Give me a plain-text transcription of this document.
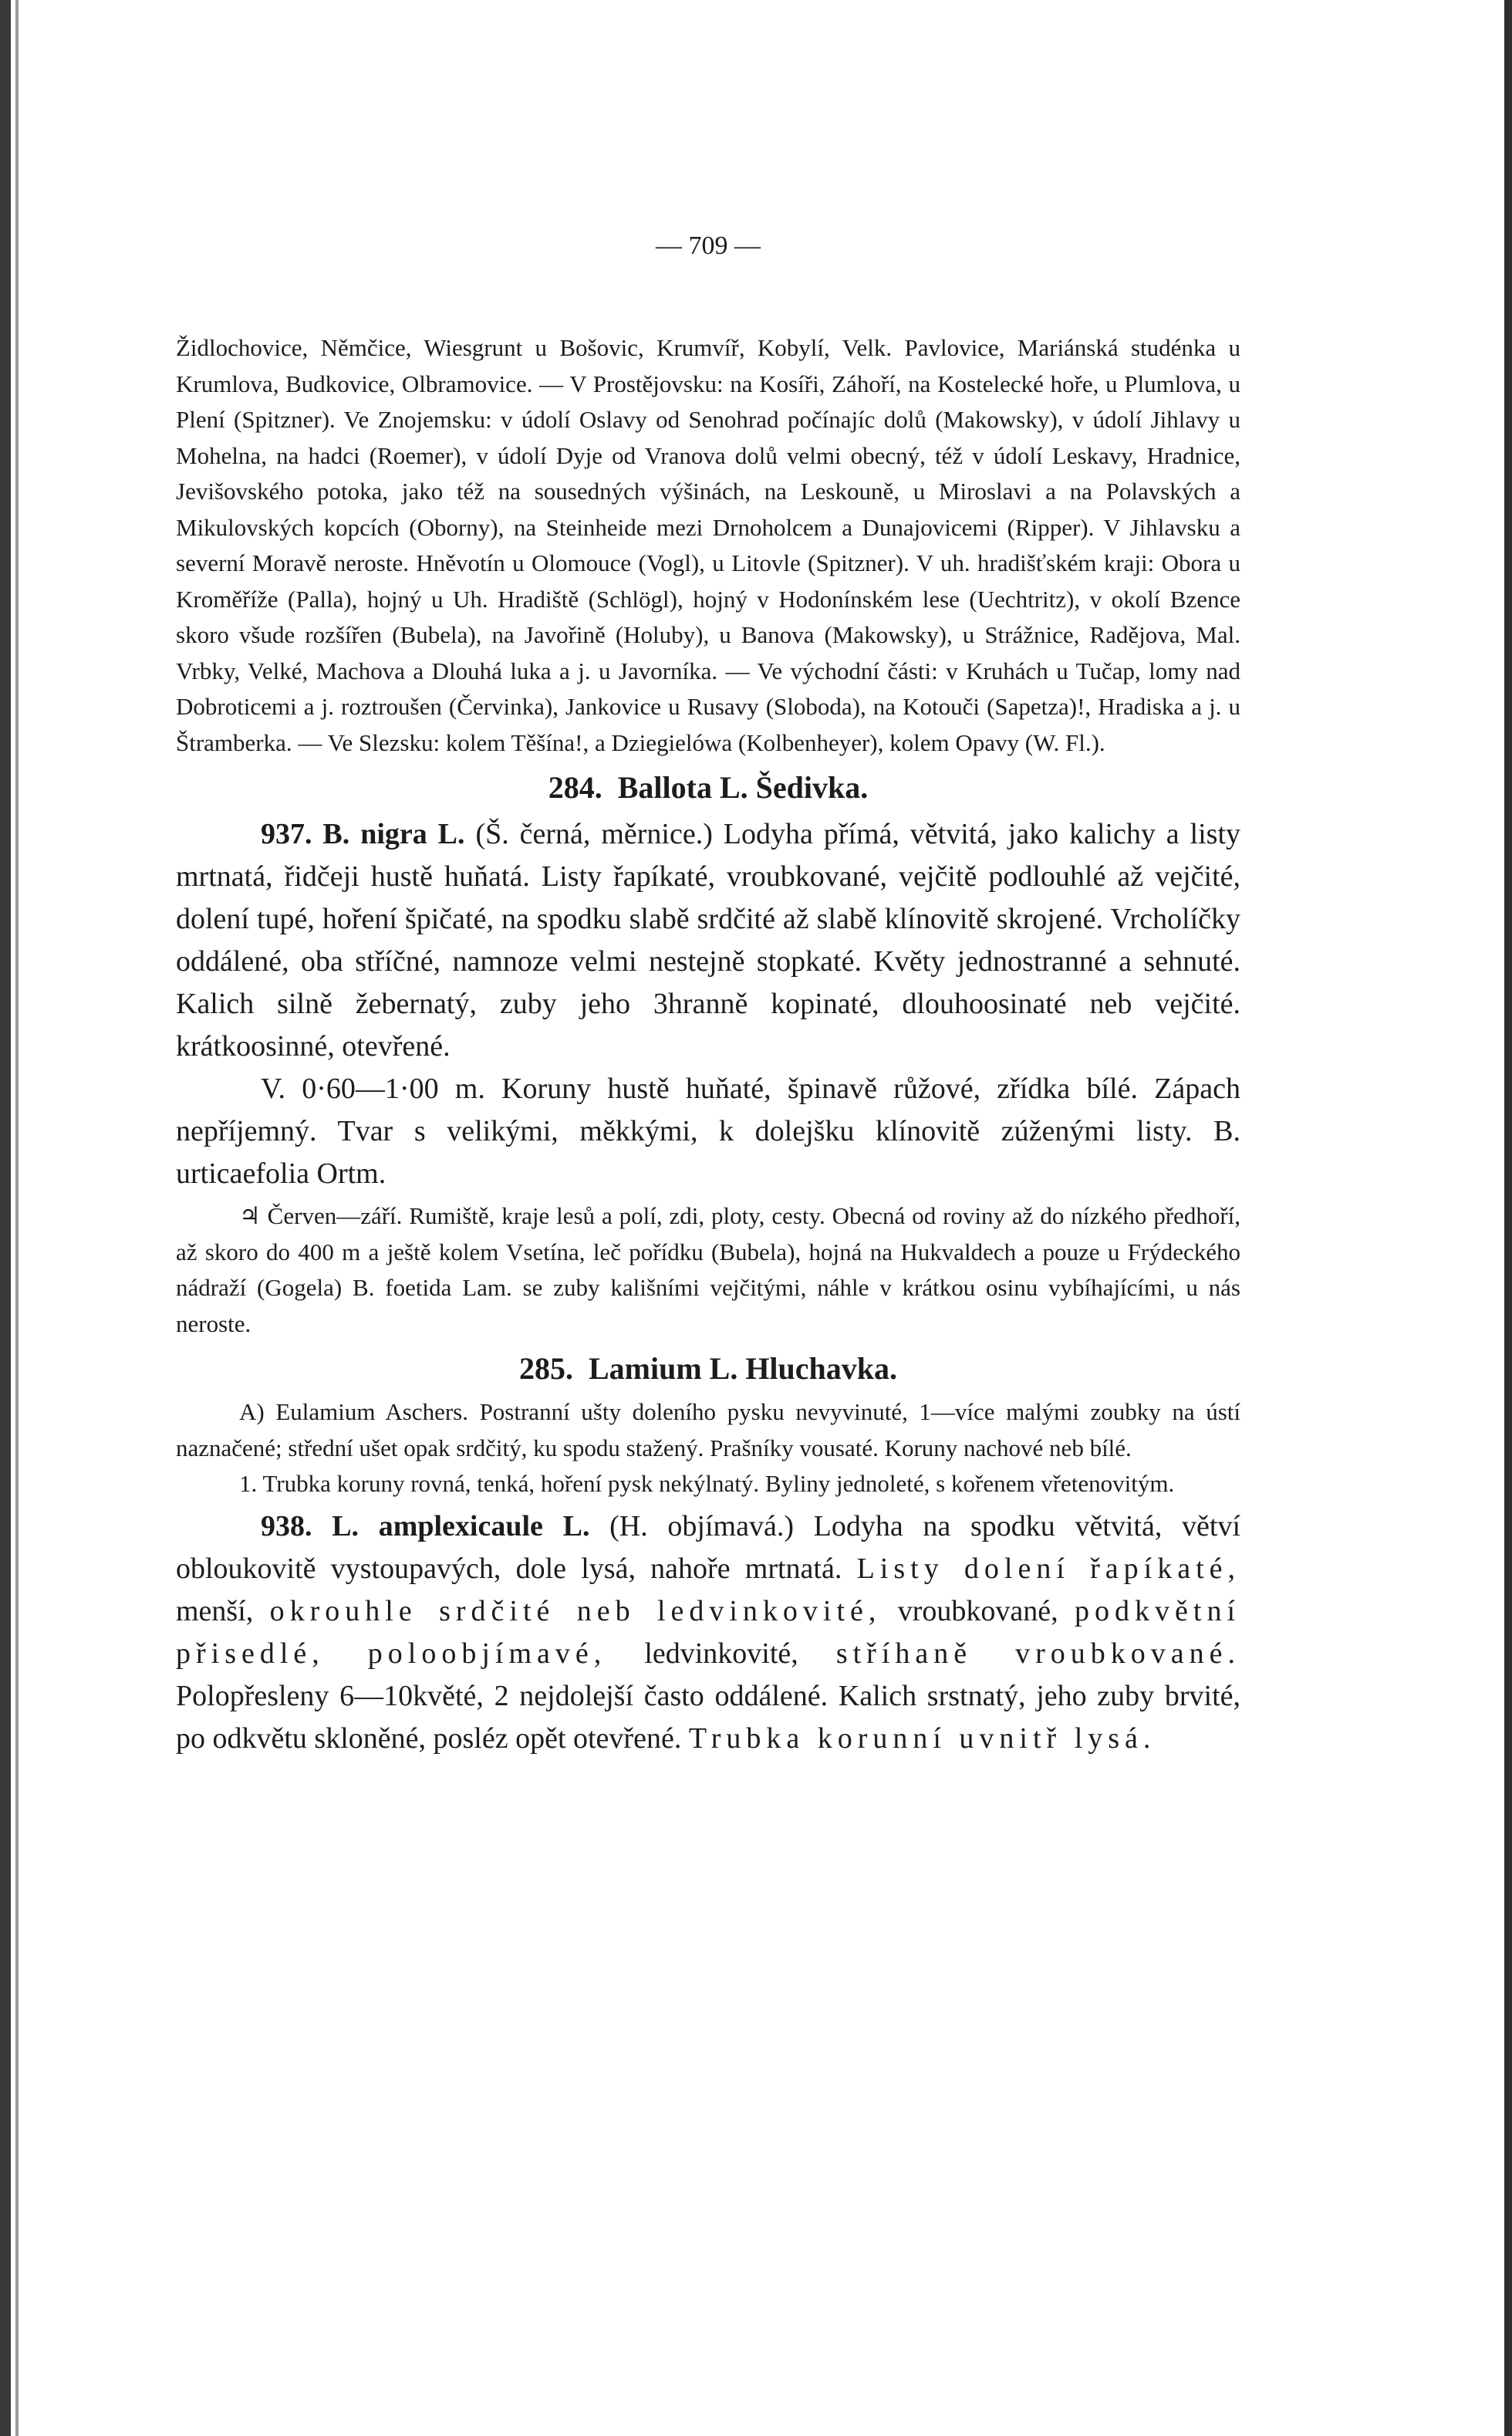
— 709 —

Židlochovice, Němčice, Wiesgrunt u Bošovic, Krumvíř, Kobylí, Velk. Pavlovice, Mariánská studénka u Krumlova, Budkovice, Olbramovice. — V Prostějovsku: na Kosíři, Záhoří, na Kostelecké hoře, u Plumlova, u Plení (Spitzner). Ve Znojemsku: v údolí Oslavy od Senohrad počínajíc dolů (Makowsky), v údolí Jihlavy u Mohelna, na hadci (Roemer), v údolí Dyje od Vranova dolů velmi obecný, též v údolí Leskavy, Hradnice, Jevišovského potoka, jako též na sousedných výšinách, na Leskouně, u Miroslavi a na Polavských a Mikulovských kopcích (Oborny), na Steinheide mezi Drnoholcem a Dunajovicemi (Ripper). V Jihlavsku a severní Moravě neroste. Hněvotín u Olomouce (Vogl), u Litovle (Spitzner). V uh. hradišťském kraji: Obora u Kroměříže (Palla), hojný u Uh. Hradiště (Schlögl), hojný v Hodonínském lese (Uechtritz), v okolí Bzence skoro všude rozšířen (Bubela), na Javořině (Holuby), u Banova (Makowsky), u Strážnice, Radějova, Mal. Vrbky, Velké, Machova a Dlouhá luka a j. u Javorníka. — Ve východní části: v Kruhách u Tučap, lomy nad Dobroticemi a j. roztroušen (Červinka), Jankovice u Rusavy (Sloboda), na Kotouči (Sapetza)!, Hradiska a j. u Štramberka. — Ve Slezsku: kolem Těšína!, a Dziegielówa (Kolbenheyer), kolem Opavy (W. Fl.).

284. Ballota L. Šedivka.

937. B. nigra L. (Š. černá, měrnice.) Lodyha přímá, větvitá, jako kalichy a listy mrtnatá, řidčeji hustě huňatá. Listy řapíkaté, vroubkované, vejčitě podlouhlé až vejčité, dolení tupé, hoření špičaté, na spodku slabě srdčité až slabě klínovitě skrojené. Vrcholíčky oddálené, oba stříčné, namnoze velmi nestejně stopkaté. Květy jednostranné a sehnuté. Kalich silně žebernatý, zuby jeho 3hranně kopinaté, dlouhoosinaté neb vejčité. krátkoosinné, otevřené.

V. 0·60—1·00 m. Koruny hustě huňaté, špinavě růžové, zřídka bílé. Zápach nepříjemný. Tvar s velikými, měkkými, k dolejšku klínovitě zúženými listy. B. urticaefolia Ortm.

♃ Červen—září. Rumiště, kraje lesů a polí, zdi, ploty, cesty. Obecná od roviny až do nízkého předhoří, až skoro do 400 m a ještě kolem Vsetína, leč pořídku (Bubela), hojná na Hukvaldech a pouze u Frýdeckého nádraží (Gogela) B. foetida Lam. se zuby kališními vejčitými, náhle v krátkou osinu vybíhajícími, u nás neroste.

285. Lamium L. Hluchavka.

A) Eulamium Aschers. Postranní ušty doleního pysku nevyvinuté, 1—více malými zoubky na ústí naznačené; střední ušet opak srdčitý, ku spodu stažený. Prašníky vousaté. Koruny nachové neb bílé.

1. Trubka koruny rovná, tenká, hoření pysk nekýlnatý. Byliny jednoleté, s kořenem vřetenovitým.

938. L. amplexicaule L. (H. objímavá.) Lodyha na spodku větvitá, větví obloukovitě vystoupavých, dole lysá, nahoře mrtnatá. Listy dolení řapíkaté, menší, okrouhle srdčité neb ledvinkovité, vroubkované, podkvětní přisedlé, poloobjímavé, ledvinkovité, stříhaně vroubkované. Polopřesleny 6—10květé, 2 nejdolejší často oddálené. Kalich srstnatý, jeho zuby brvité, po odkvětu skloněné, posléz opět otevřené. Trubka korunní uvnitř lysá.
